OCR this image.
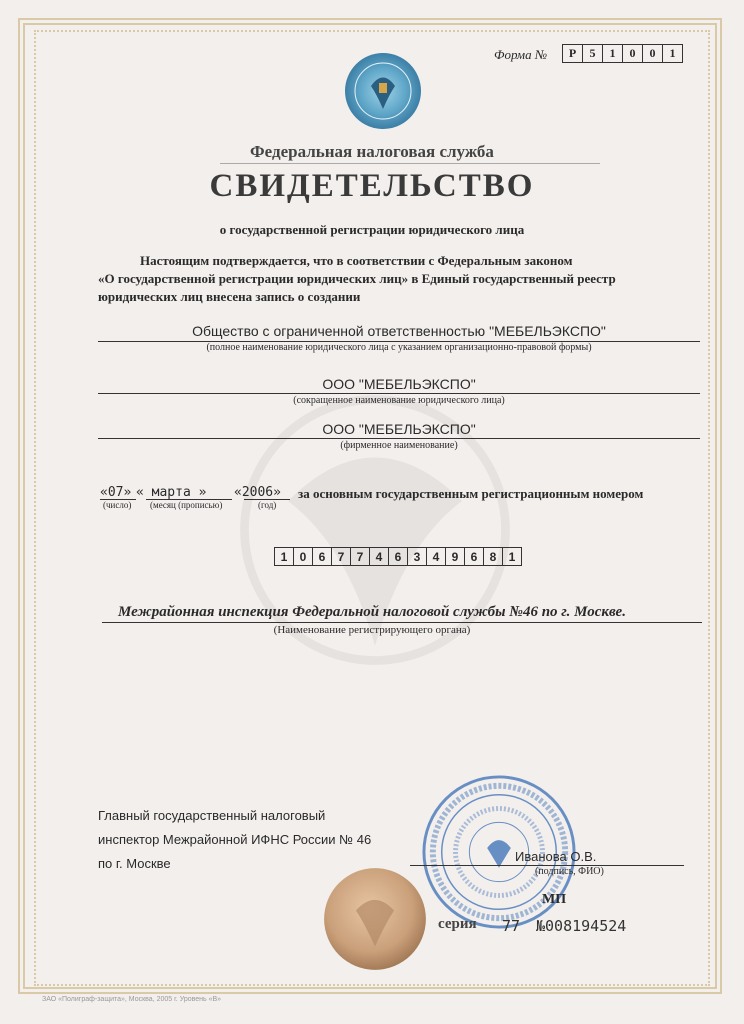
Форма №	Р	5	1	0	0	1
Федеральная налоговая служба
СВИДЕТЕЛЬСТВО
о государственной регистрации юридического лица
Настоящим подтверждается, что в соответствии с Федеральным законом
«О государственной регистрации юридических лиц» в Единый государственный реестр
юридических лиц внесена запись о создании
Общество с ограниченной ответственностью "МЕБЕЛЬЭКСПО"
(полное наименование юридического лица с указанием организационно-правовой формы)
ООО "МЕБЕЛЬЭКСПО"
(сокращенное наименование юридического лица)
ООО "МЕБЕЛЬЭКСПО"
(фирменное наименование)
«07» « марта » «2006» за основным государственным регистрационным номером
(число) (месяц (прописью)	(год)
1	0	6	7	7	4	6	3	4	9	6	8	1
Межрайонная инспекция Федеральной налоговой службы №46 по г. Москве.
(Наименование регистрирующего органа)
Главный государственный налоговый
инспектор Межрайонной ИФНС России № 46
по г. Москве	Иванова О.В.
(подпись, ФИО)
МП
серия 77 №008194524
ЗАО «Полиграф-защита», Москва, 2005 г. Уровень «В»
